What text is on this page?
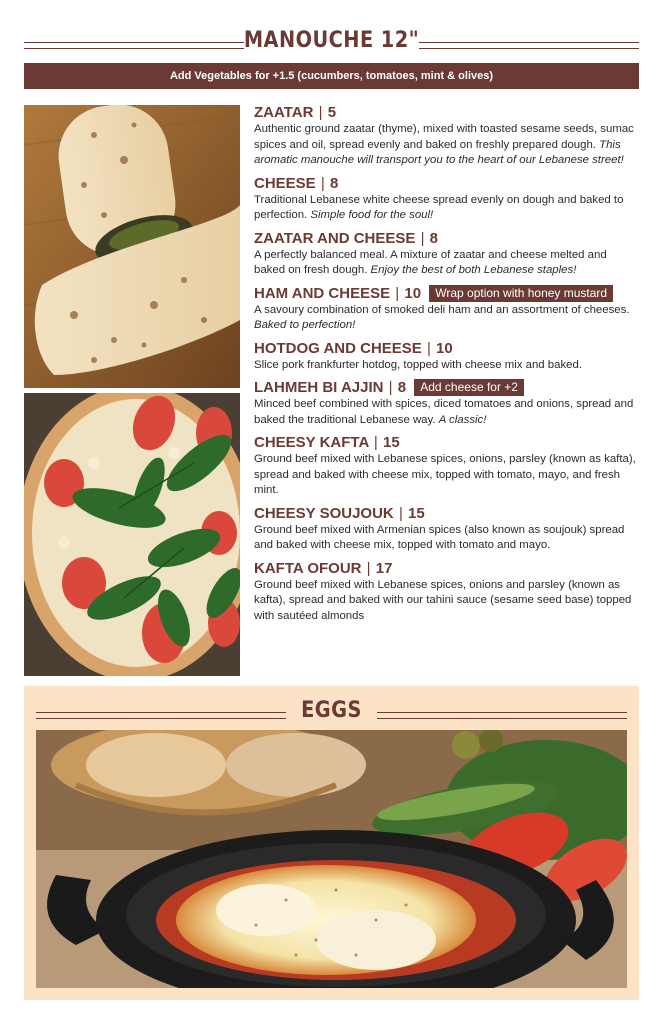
MANOUCHE 12"
Add Vegetables for +1.5 (cucumbers, tomatoes, mint & olives)
ZAATAR | 5
Authentic ground zaatar (thyme), mixed with toasted sesame seeds, sumac spices and oil, spread evenly and baked on freshly prepared dough. This aromatic manouche will transport you to the heart of our Lebanese street!
CHEESE | 8
Traditional Lebanese white cheese spread evenly on dough and baked to perfection. Simple food for the soul!
ZAATAR AND CHEESE | 8
A perfectly balanced meal. A mixture of zaatar and cheese melted and baked on fresh dough. Enjoy the best of both Lebanese staples!
HAM AND CHEESE | 10 Wrap option with honey mustard
A savoury combination of smoked deli ham and an assortment of cheeses. Baked to perfection!
HOTDOG AND CHEESE | 10
Slice pork frankfurter hotdog, topped with cheese mix and baked.
LAHMEH BI AJJIN | 8 Add cheese for +2
Minced beef combined with spices, diced tomatoes and onions, spread and baked the traditional Lebanese way. A classic!
CHEESY KAFTA | 15
Ground beef mixed with Lebanese spices, onions, parsley (known as kafta), spread and baked with cheese mix, topped with tomato, mayo, and fresh mint.
CHEESY SOUJOUK | 15
Ground beef mixed with Armenian spices (also known as soujouk) spread and baked with cheese mix, topped with tomato and mayo.
KAFTA OFOUR | 17
Ground beef mixed with Lebanese spices, onions and parsley (known as kafta), spread and baked with our tahini sauce (sesame seed base) topped with sautéed almonds
EGGS
